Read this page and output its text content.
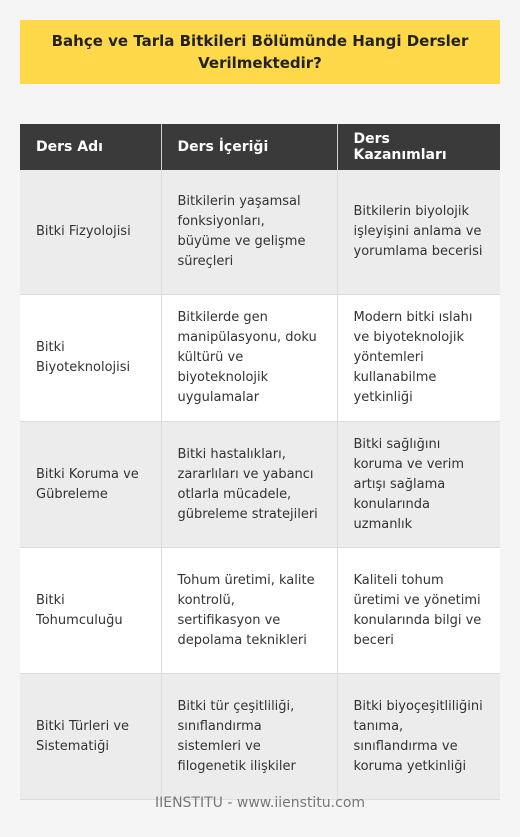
Bahçe ve Tarla Bitkileri Bölümünde Hangi Dersler Verilmektedir?
Ders Adı	Ders İçeriği	Ders Kazanımları
Bitki Fizyolojisi	Bitkilerin yaşamsal fonksiyonları, büyüme ve gelişme süreçleri	Bitkilerin biyolojik işleyişini anlama ve yorumlama becerisi
Bitki Biyoteknolojisi	Bitkilerde gen manipülasyonu, doku kültürü ve biyoteknolojik uygulamalar	Modern bitki ıslahı ve biyoteknolojik yöntemleri kullanabilme yetkinliği
Bitki Koruma ve Gübreleme	Bitki hastalıkları, zararlıları ve yabancı otlarla mücadele, gübreleme stratejileri	Bitki sağlığını koruma ve verim artışı sağlama konularında uzmanlık
Bitki Tohumculuğu	Tohum üretimi, kalite kontrolü, sertifikasyon ve depolama teknikleri	Kaliteli tohum üretimi ve yönetimi konularında bilgi ve beceri
Bitki Türleri ve Sistematiği	Bitki tür çeşitliliği, sınıflandırma sistemleri ve filogenetik ilişkiler	Bitki biyoçeşitliliğini tanıma, sınıflandırma ve koruma yetkinliği
IIENSTITU - www.iienstitu.com
